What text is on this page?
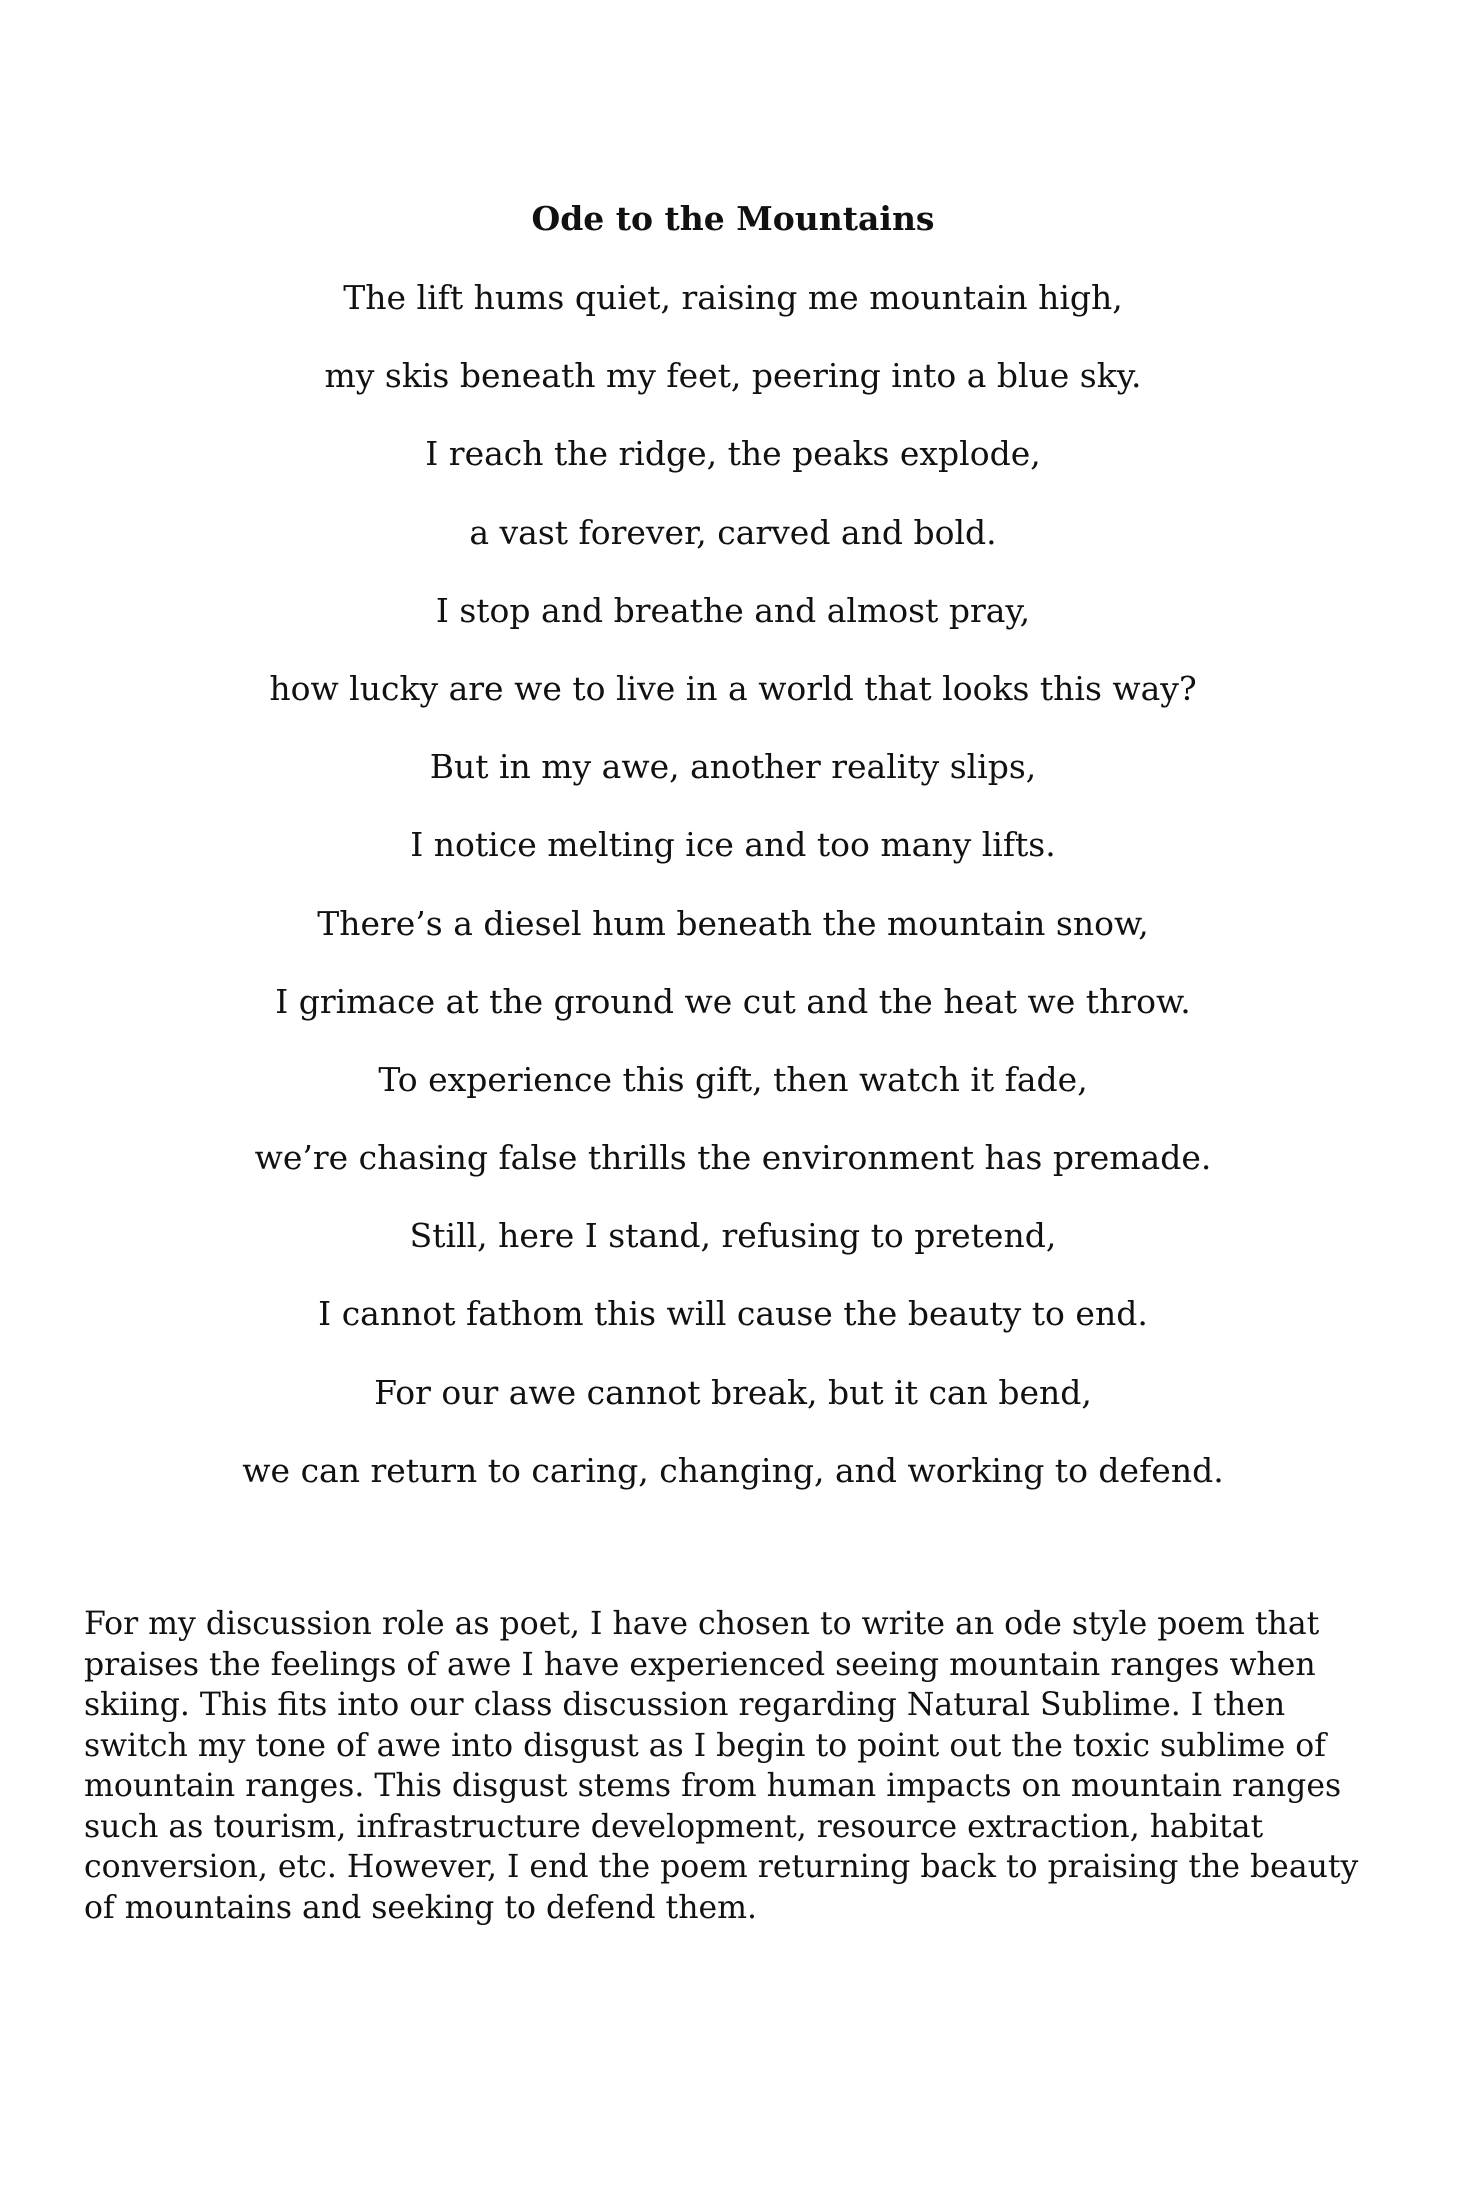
Ode to the Mountains
The lift hums quiet, raising me mountain high,
my skis beneath my feet, peering into a blue sky.
I reach the ridge, the peaks explode,
a vast forever, carved and bold.
I stop and breathe and almost pray,
how lucky are we to live in a world that looks this way?
But in my awe, another reality slips,
I notice melting ice and too many lifts.
There’s a diesel hum beneath the mountain snow,
I grimace at the ground we cut and the heat we throw.
To experience this gift, then watch it fade,
we’re chasing false thrills the environment has premade.
Still, here I stand, refusing to pretend,
I cannot fathom this will cause the beauty to end.
For our awe cannot break, but it can bend,
we can return to caring, changing, and working to defend.

For my discussion role as poet, I have chosen to write an ode style poem that praises the feelings of awe I have experienced seeing mountain ranges when skiing. This fits into our class discussion regarding Natural Sublime. I then switch my tone of awe into disgust as I begin to point out the toxic sublime of mountain ranges. This disgust stems from human impacts on mountain ranges such as tourism, infrastructure development, resource extraction, habitat conversion, etc. However, I end the poem returning back to praising the beauty of mountains and seeking to defend them.
